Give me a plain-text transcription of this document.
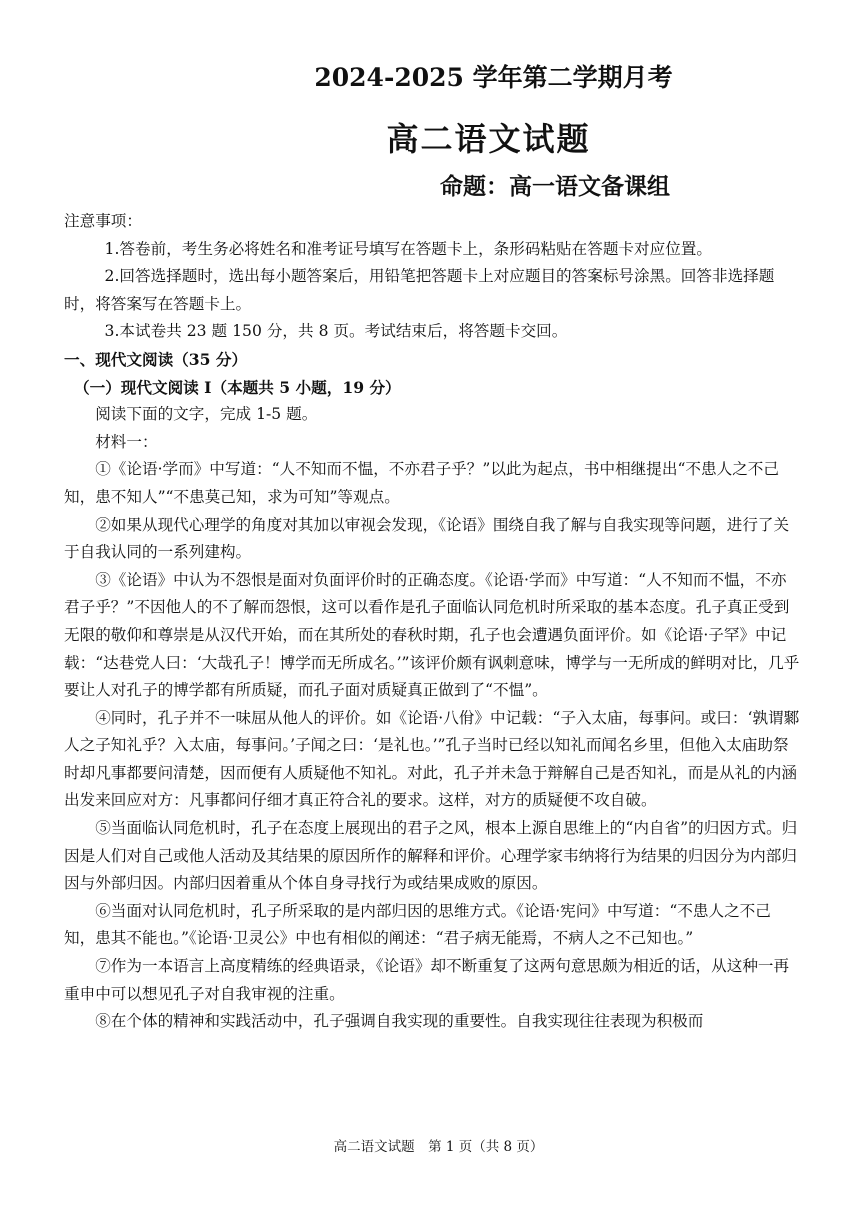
2024-2025 学年第二学期月考
高二语文试题
命题：高一语文备课组

注意事项：

1.答卷前，考生务必将姓名和准考证号填写在答题卡上，条形码粘贴在答题卡对应位置。

2.回答选择题时，选出每小题答案后，用铅笔把答题卡上对应题目的答案标号涂黑。回答非选择题时，将答案写在答题卡上。

3.本试卷共 23 题 150 分，共 8 页。考试结束后，将答题卡交回。

一、现代文阅读（35 分）

（一）现代文阅读 Ⅰ（本题共 5 小题，19 分）

阅读下面的文字，完成 1-5 题。

材料一：

①《论语·学而》中写道：“人不知而不愠，不亦君子乎？”以此为起点，书中相继提出“不患人之不己知，患不知人”“不患莫己知，求为可知”等观点。

②如果从现代心理学的角度对其加以审视会发现，《论语》围绕自我了解与自我实现等问题，进行了关于自我认同的一系列建构。

③《论语》中认为不怨恨是面对负面评价时的正确态度。《论语·学而》中写道：“人不知而不愠，不亦君子乎？”不因他人的不了解而怨恨，这可以看作是孔子面临认同危机时所采取的基本态度。孔子真正受到无限的敬仰和尊崇是从汉代开始，而在其所处的春秋时期，孔子也会遭遇负面评价。如《论语·子罕》中记载：“达巷党人曰：‘大哉孔子！博学而无所成名。’”该评价颇有讽刺意味，博学与一无所成的鲜明对比，几乎要让人对孔子的博学都有所质疑，而孔子面对质疑真正做到了“不愠”。

④同时，孔子并不一味屈从他人的评价。如《论语·八佾》中记载：“子入太庙，每事问。或曰：‘孰谓鄹人之子知礼乎？入太庙，每事问。’子闻之曰：‘是礼也。’”孔子当时已经以知礼而闻名乡里，但他入太庙助祭时却凡事都要问清楚，因而便有人质疑他不知礼。对此，孔子并未急于辩解自己是否知礼，而是从礼的内涵出发来回应对方：凡事都问仔细才真正符合礼的要求。这样，对方的质疑便不攻自破。

⑤当面临认同危机时，孔子在态度上展现出的君子之风，根本上源自思维上的“内自省”的归因方式。归因是人们对自己或他人活动及其结果的原因所作的解释和评价。心理学家韦纳将行为结果的归因分为内部归因与外部归因。内部归因着重从个体自身寻找行为或结果成败的原因。

⑥当面对认同危机时，孔子所采取的是内部归因的思维方式。《论语·宪问》中写道：“不患人之不己知，患其不能也。”《论语·卫灵公》中也有相似的阐述：“君子病无能焉，不病人之不己知也。”

⑦作为一本语言上高度精练的经典语录，《论语》却不断重复了这两句意思颇为相近的话，从这种一再重申中可以想见孔子对自我审视的注重。

⑧在个体的精神和实践活动中，孔子强调自我实现的重要性。自我实现往往表现为积极而

高二语文试题　第 1 页（共 8 页）
